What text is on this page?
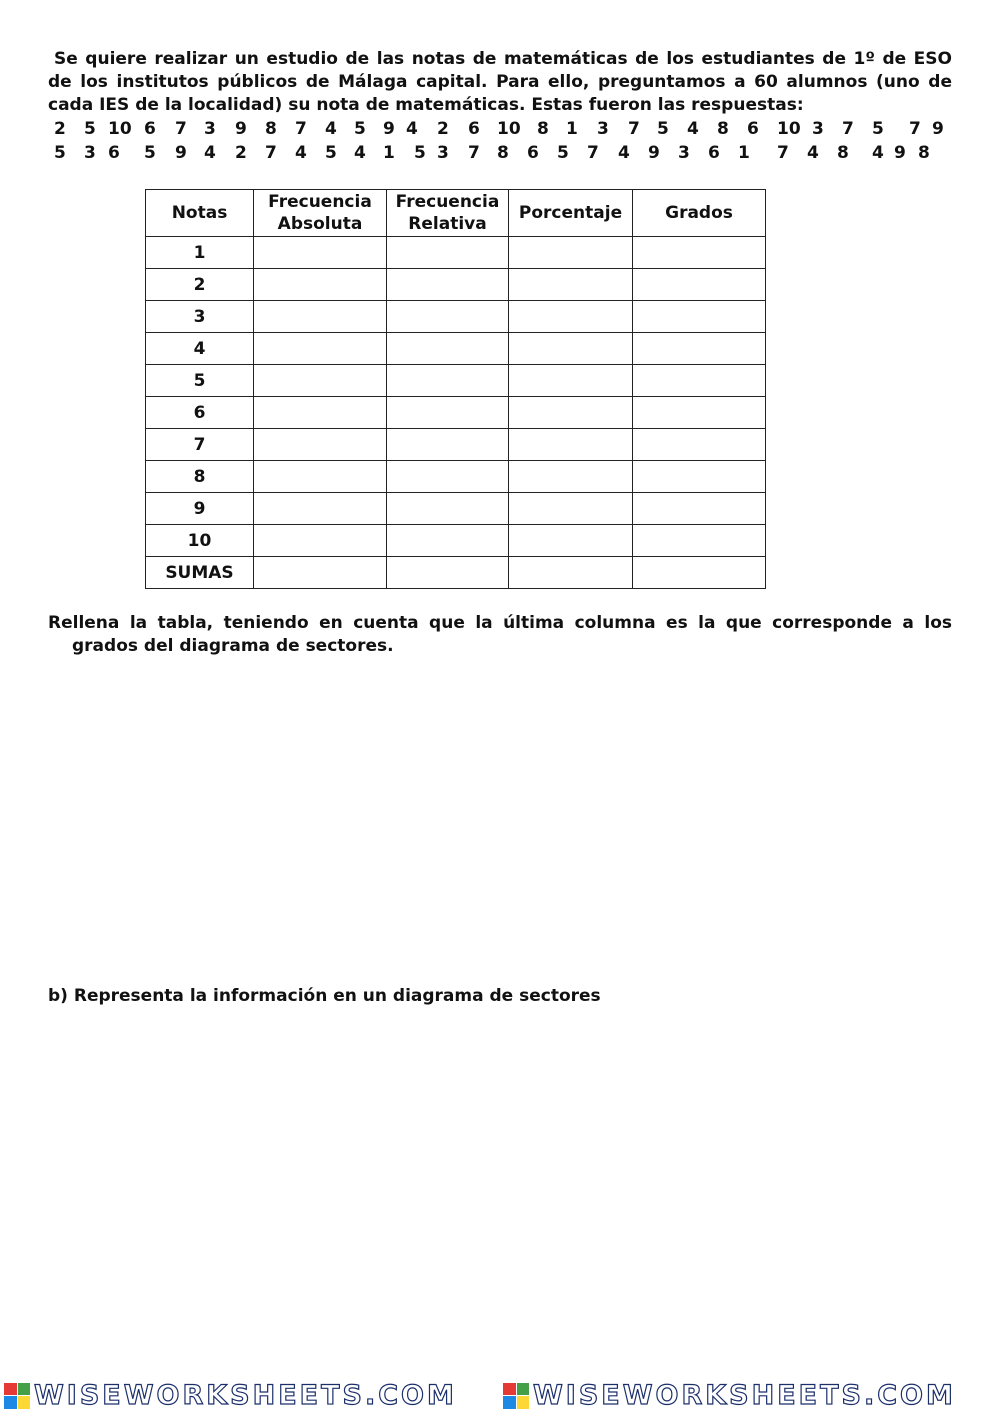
Se quiere realizar un estudio de las notas de matemáticas de los estudiantes de 1º de ESO de los institutos públicos de Málaga capital. Para ello, preguntamos a 60 alumnos (uno de cada IES de la localidad) su nota de matemáticas. Estas fueron las respuestas:

2 5 10 6 7 3 9 8 7 4 5 9 4 2 6 10 8 1 3 7 5 4 8 6 10 3 7 5 7 9
5 3 6 5 9 4 2 7 4 5 4 1 5 3 7 8 6 5 7 4 9 3 6 1 7 4 8 4 9 8
Notas	Frecuencia Absoluta	Frecuencia Relativa	Porcentaje	Grados
1				
2				
3				
4				
5				
6				
7				
8				
9				
10				
SUMAS				
Rellena la tabla, teniendo en cuenta que la última columna es la que corresponde a los grados del diagrama de sectores.
b) Representa la información en un diagrama de sectores
WISEWORKSHEETS.COM	WISEWORKSHEETS.COM
